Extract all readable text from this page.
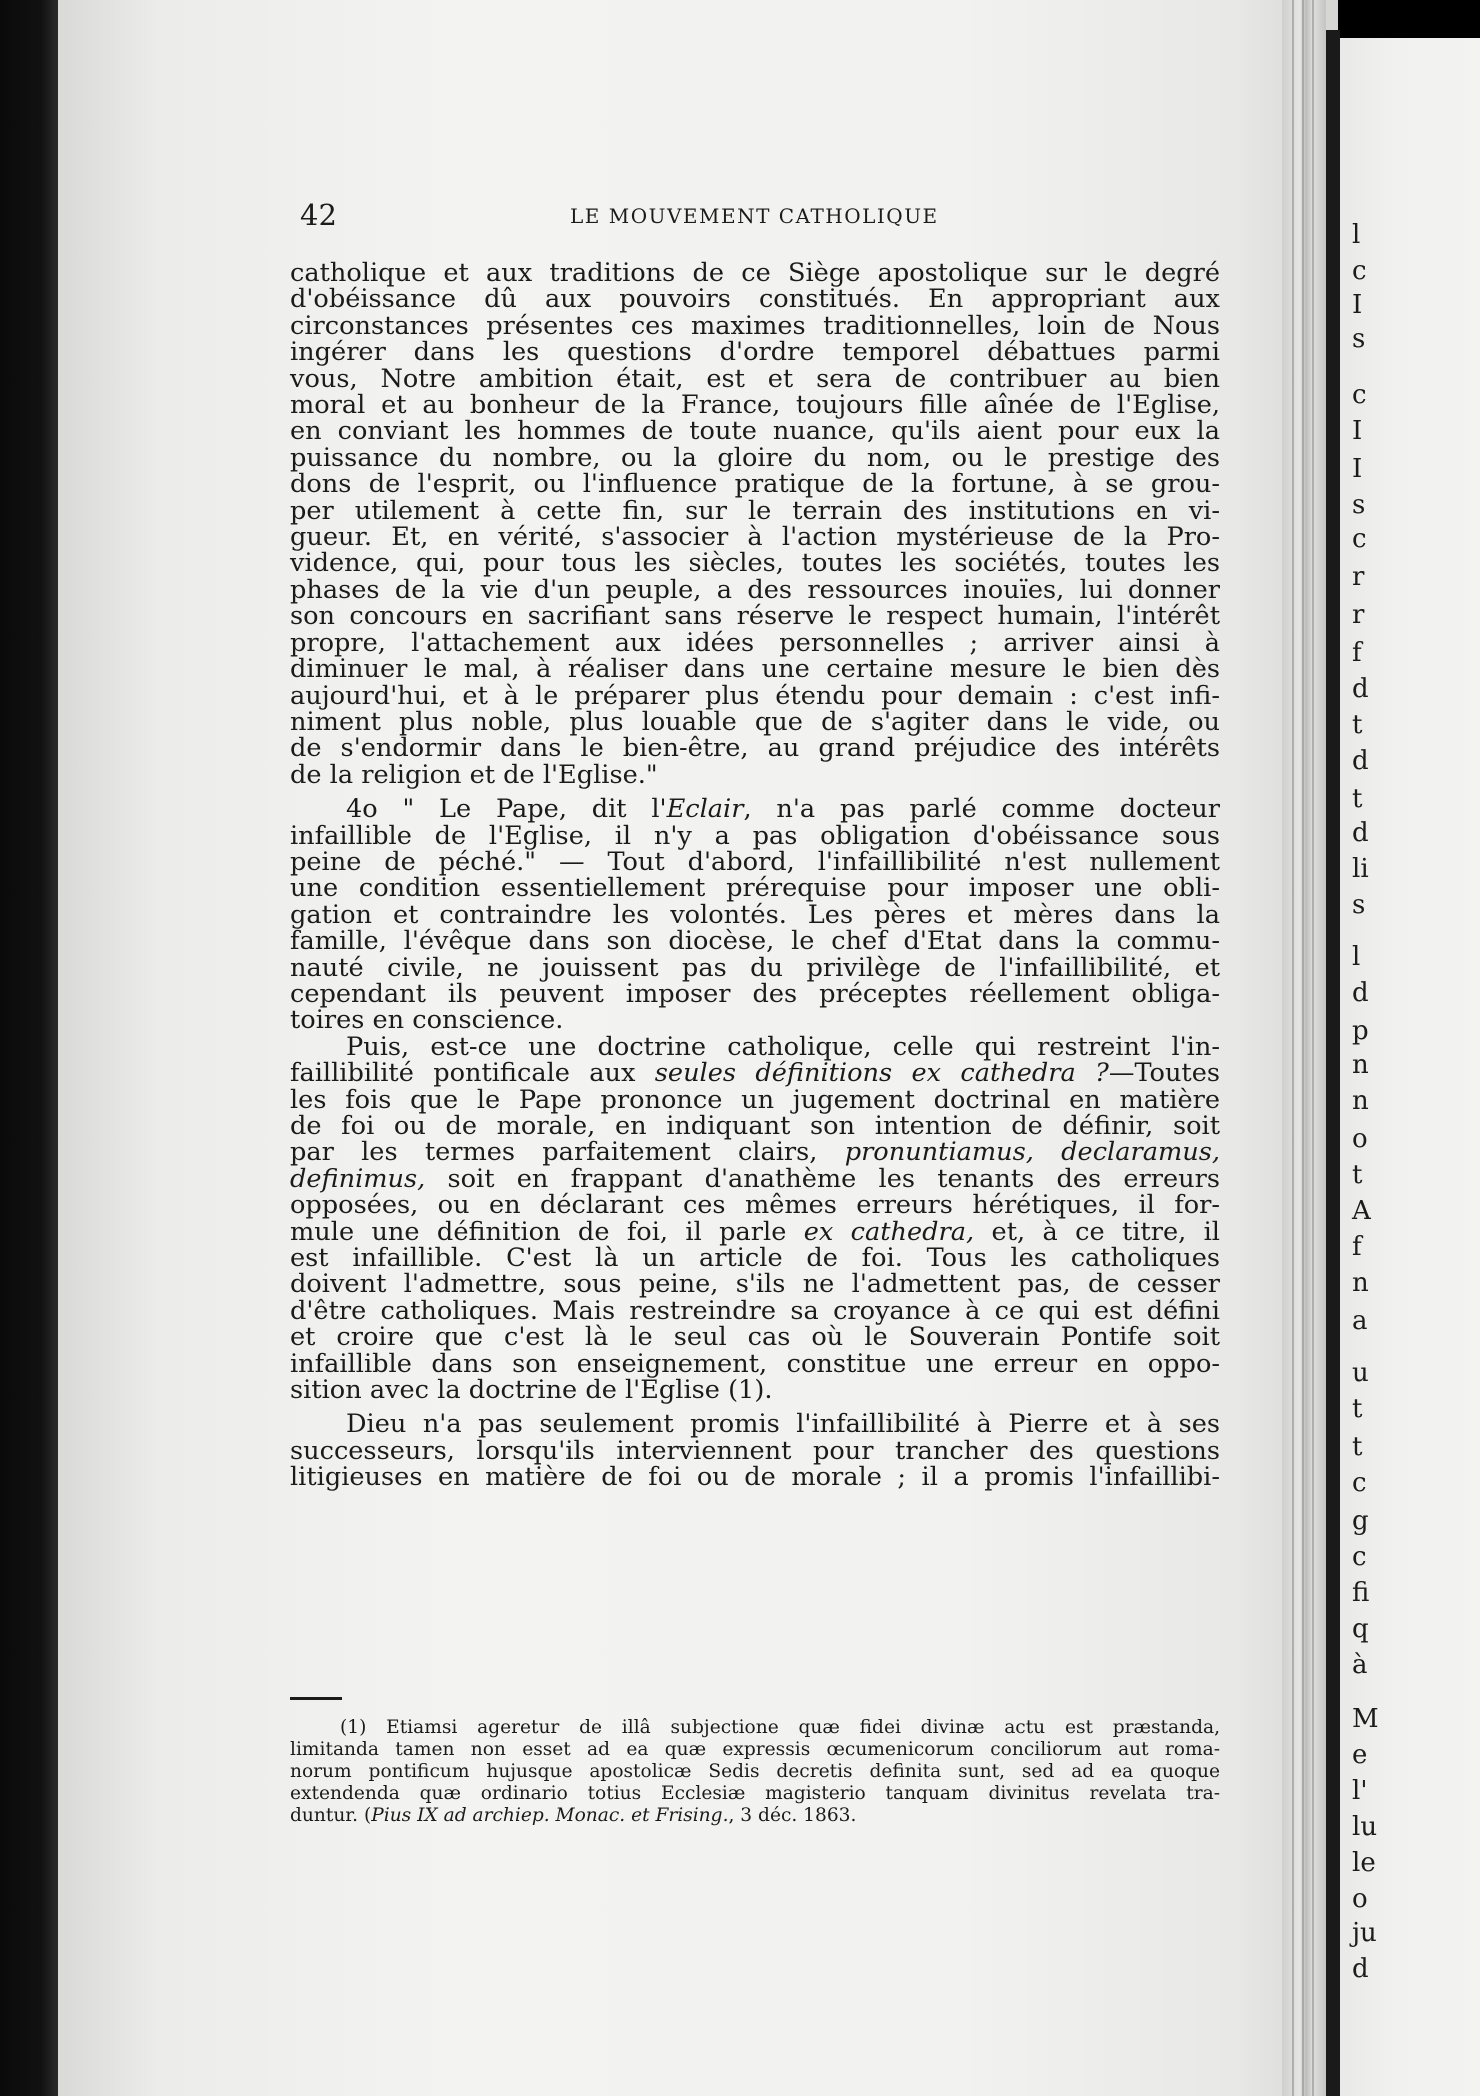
l
c
I
s
c
I
I
s
c
r
r
f
d
t
d
t
d
li
s
l
d
p
n
n
o
t
A
f
n
a
u
t
t
c
g
c
fi
q
à
M
e
l'
lu
le
o
ju
d
42	LE MOUVEMENT CATHOLIQUE
catholique et aux traditions de ce Siège apostolique sur le degré
d'obéissance dû aux pouvoirs constitués. En appropriant aux
circonstances présentes ces maximes traditionnelles, loin de Nous
ingérer dans les questions d'ordre temporel débattues parmi
vous, Notre ambition était, est et sera de contribuer au bien
moral et au bonheur de la France, toujours fille aînée de l'Eglise,
en conviant les hommes de toute nuance, qu'ils aient pour eux la
puissance du nombre, ou la gloire du nom, ou le prestige des
dons de l'esprit, ou l'influence pratique de la fortune, à se grou-
per utilement à cette fin, sur le terrain des institutions en vi-
gueur. Et, en vérité, s'associer à l'action mystérieuse de la Pro-
vidence, qui, pour tous les siècles, toutes les sociétés, toutes les
phases de la vie d'un peuple, a des ressources inouïes, lui donner
son concours en sacrifiant sans réserve le respect humain, l'intérêt
propre, l'attachement aux idées personnelles ; arriver ainsi à
diminuer le mal, à réaliser dans une certaine mesure le bien dès
aujourd'hui, et à le préparer plus étendu pour demain : c'est infi-
niment plus noble, plus louable que de s'agiter dans le vide, ou
de s'endormir dans le bien-être, au grand préjudice des intérêts
de la religion et de l'Eglise."
4o " Le Pape, dit l'Eclair, n'a pas parlé comme docteur
infaillible de l'Eglise, il n'y a pas obligation d'obéissance sous
peine de péché." — Tout d'abord, l'infaillibilité n'est nullement
une condition essentiellement prérequise pour imposer une obli-
gation et contraindre les volontés. Les pères et mères dans la
famille, l'évêque dans son diocèse, le chef d'Etat dans la commu-
nauté civile, ne jouissent pas du privilège de l'infaillibilité, et
cependant ils peuvent imposer des préceptes réellement obliga-
toires en conscience.
Puis, est-ce une doctrine catholique, celle qui restreint l'in-
faillibilité pontificale aux seules définitions ex cathedra ?—Toutes
les fois que le Pape prononce un jugement doctrinal en matière
de foi ou de morale, en indiquant son intention de définir, soit
par les termes parfaitement clairs, pronuntiamus, declaramus,
definimus, soit en frappant d'anathème les tenants des erreurs
opposées, ou en déclarant ces mêmes erreurs hérétiques, il for-
mule une définition de foi, il parle ex cathedra, et, à ce titre, il
est infaillible. C'est là un article de foi. Tous les catholiques
doivent l'admettre, sous peine, s'ils ne l'admettent pas, de cesser
d'être catholiques. Mais restreindre sa croyance à ce qui est défini
et croire que c'est là le seul cas où le Souverain Pontife soit
infaillible dans son enseignement, constitue une erreur en oppo-
sition avec la doctrine de l'Eglise (1).
Dieu n'a pas seulement promis l'infaillibilité à Pierre et à ses
successeurs, lorsqu'ils interviennent pour trancher des questions
litigieuses en matière de foi ou de morale ; il a promis l'infaillibi-
(1) Etiamsi ageretur de illâ subjectione quæ fidei divinæ actu est præstanda,
limitanda tamen non esset ad ea quæ expressis œcumenicorum conciliorum aut roma-
norum pontificum hujusque apostolicæ Sedis decretis definita sunt, sed ad ea quoque
extendenda quæ ordinario totius Ecclesiæ magisterio tanquam divinitus revelata tra-
duntur. (Pius IX ad archiep. Monac. et Frising., 3 déc. 1863.
